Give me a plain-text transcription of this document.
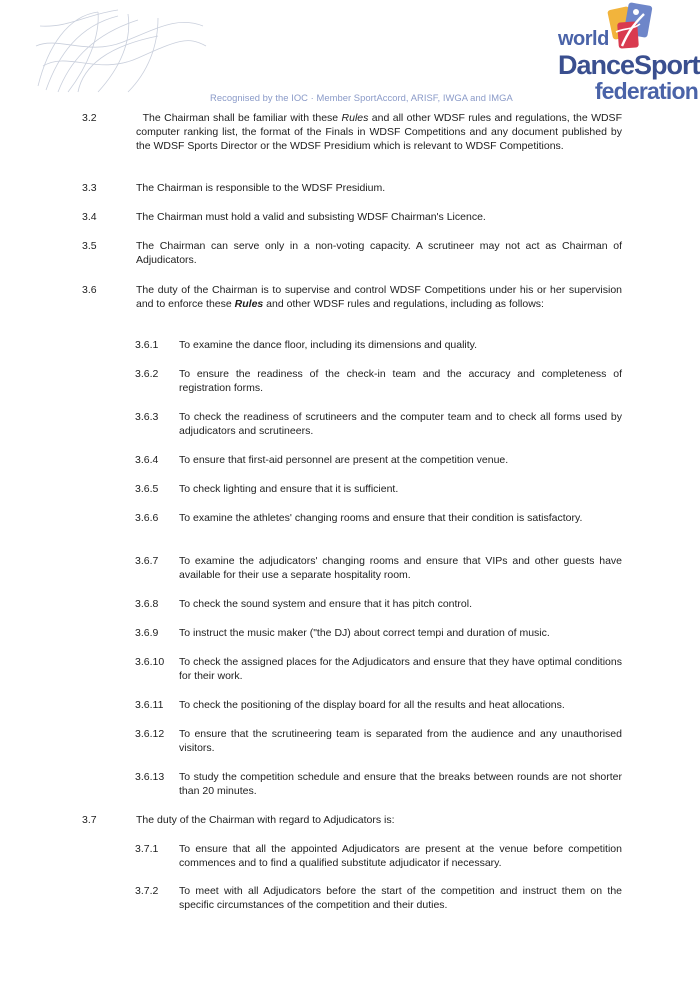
world
DanceSport
federation
Recognised by the IOC · Member SportAccord, ARISF, IWGA and IMGA
3.2	The Chairman shall be familiar with these Rules and all other WDSF rules and regulations, the WDSF computer ranking list, the format of the Finals in WDSF Competitions and any document published by the WDSF Sports Director or the WDSF Presidium which is relevant to WDSF Competitions.
3.3	The Chairman is responsible to the WDSF Presidium.
3.4	The Chairman must hold a valid and subsisting WDSF Chairman's Licence.
3.5	The Chairman can serve only in a non-voting capacity. A scrutineer may not act as Chairman of Adjudicators.
3.6	The duty of the Chairman is to supervise and control WDSF Competitions under his or her supervision and to enforce these Rules and other WDSF rules and regulations, including as follows:
3.6.1 To examine the dance floor, including its dimensions and quality.
3.6.2 To ensure the readiness of the check-in team and the accuracy and completeness of registration forms.
3.6.3 To check the readiness of scrutineers and the computer team and to check all forms used by adjudicators and scrutineers.
3.6.4 To ensure that first-aid personnel are present at the competition venue.
3.6.5 To check lighting and ensure that it is sufficient.
3.6.6 To examine the athletes' changing rooms and ensure that their condition is satisfactory.
3.6.7 To examine the adjudicators' changing rooms and ensure that VIPs and other guests have available for their use a separate hospitality room.
3.6.8 To check the sound system and ensure that it has pitch control.
3.6.9 To instruct the music maker ("the DJ) about correct tempi and duration of music.
3.6.10 To check the assigned places for the Adjudicators and ensure that they have optimal conditions for their work.
3.6.11 To check the positioning of the display board for all the results and heat allocations.
3.6.12 To ensure that the scrutineering team is separated from the audience and any unauthorised visitors.
3.6.13 To study the competition schedule and ensure that the breaks between rounds are not shorter than 20 minutes.
3.7	The duty of the Chairman with regard to Adjudicators is:
3.7.1 To ensure that all the appointed Adjudicators are present at the venue before competition commences and to find a qualified substitute adjudicator if necessary.
3.7.2 To meet with all Adjudicators before the start of the competition and instruct them on the specific circumstances of the competition and their duties.
